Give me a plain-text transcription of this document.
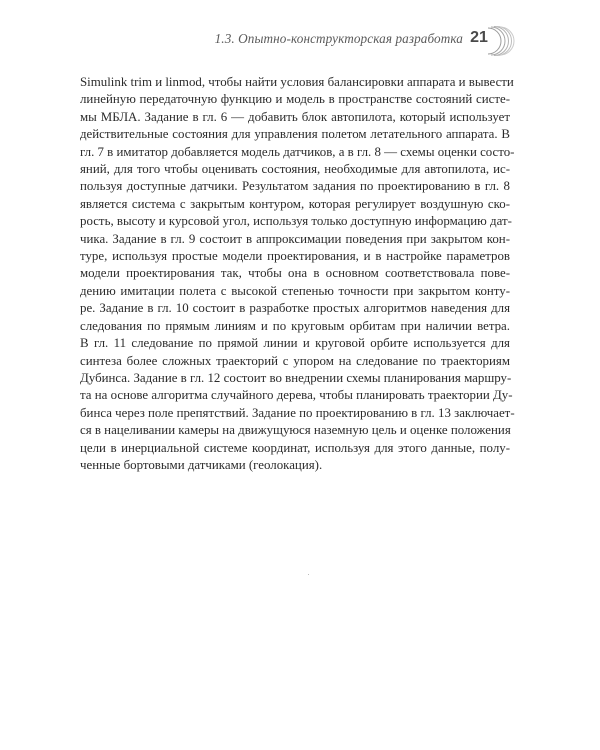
1.3. Опытно-конструкторская разработка 21
Simulink trim и linmod, чтобы найти условия балансировки аппарата и вывести
линейную передаточную функцию и модель в пространстве состояний систе-
мы МБЛА. Задание в гл. 6 — добавить блок автопилота, который использует
действительные состояния для управления полетом летательного аппарата. В
гл. 7 в имитатор добавляется модель датчиков, а в гл. 8 — схемы оценки состо-
яний, для того чтобы оценивать состояния, необходимые для автопилота, ис-
пользуя доступные датчики. Результатом задания по проектированию в гл. 8
является система с закрытым контуром, которая регулирует воздушную ско-
рость, высоту и курсовой угол, используя только доступную информацию дат-
чика. Задание в гл. 9 состоит в аппроксимации поведения при закрытом кон-
туре, используя простые модели проектирования, и в настройке параметров
модели проектирования так, чтобы она в основном соответствовала пове-
дению имитации полета с высокой степенью точности при закрытом конту-
ре. Задание в гл. 10 состоит в разработке простых алгоритмов наведения для
следования по прямым линиям и по круговым орбитам при наличии ветра.
В гл. 11 следование по прямой линии и круговой орбите используется для
синтеза более сложных траекторий с упором на следование по траекториям
Дубинса. Задание в гл. 12 состоит во внедрении схемы планирования маршру-
та на основе алгоритма случайного дерева, чтобы планировать траектории Ду-
бинса через поле препятствий. Задание по проектированию в гл. 13 заключает-
ся в нацеливании камеры на движущуюся наземную цель и оценке положения
цели в инерциальной системе координат, используя для этого данные, полу-
ченные бортовыми датчиками (геолокация).
